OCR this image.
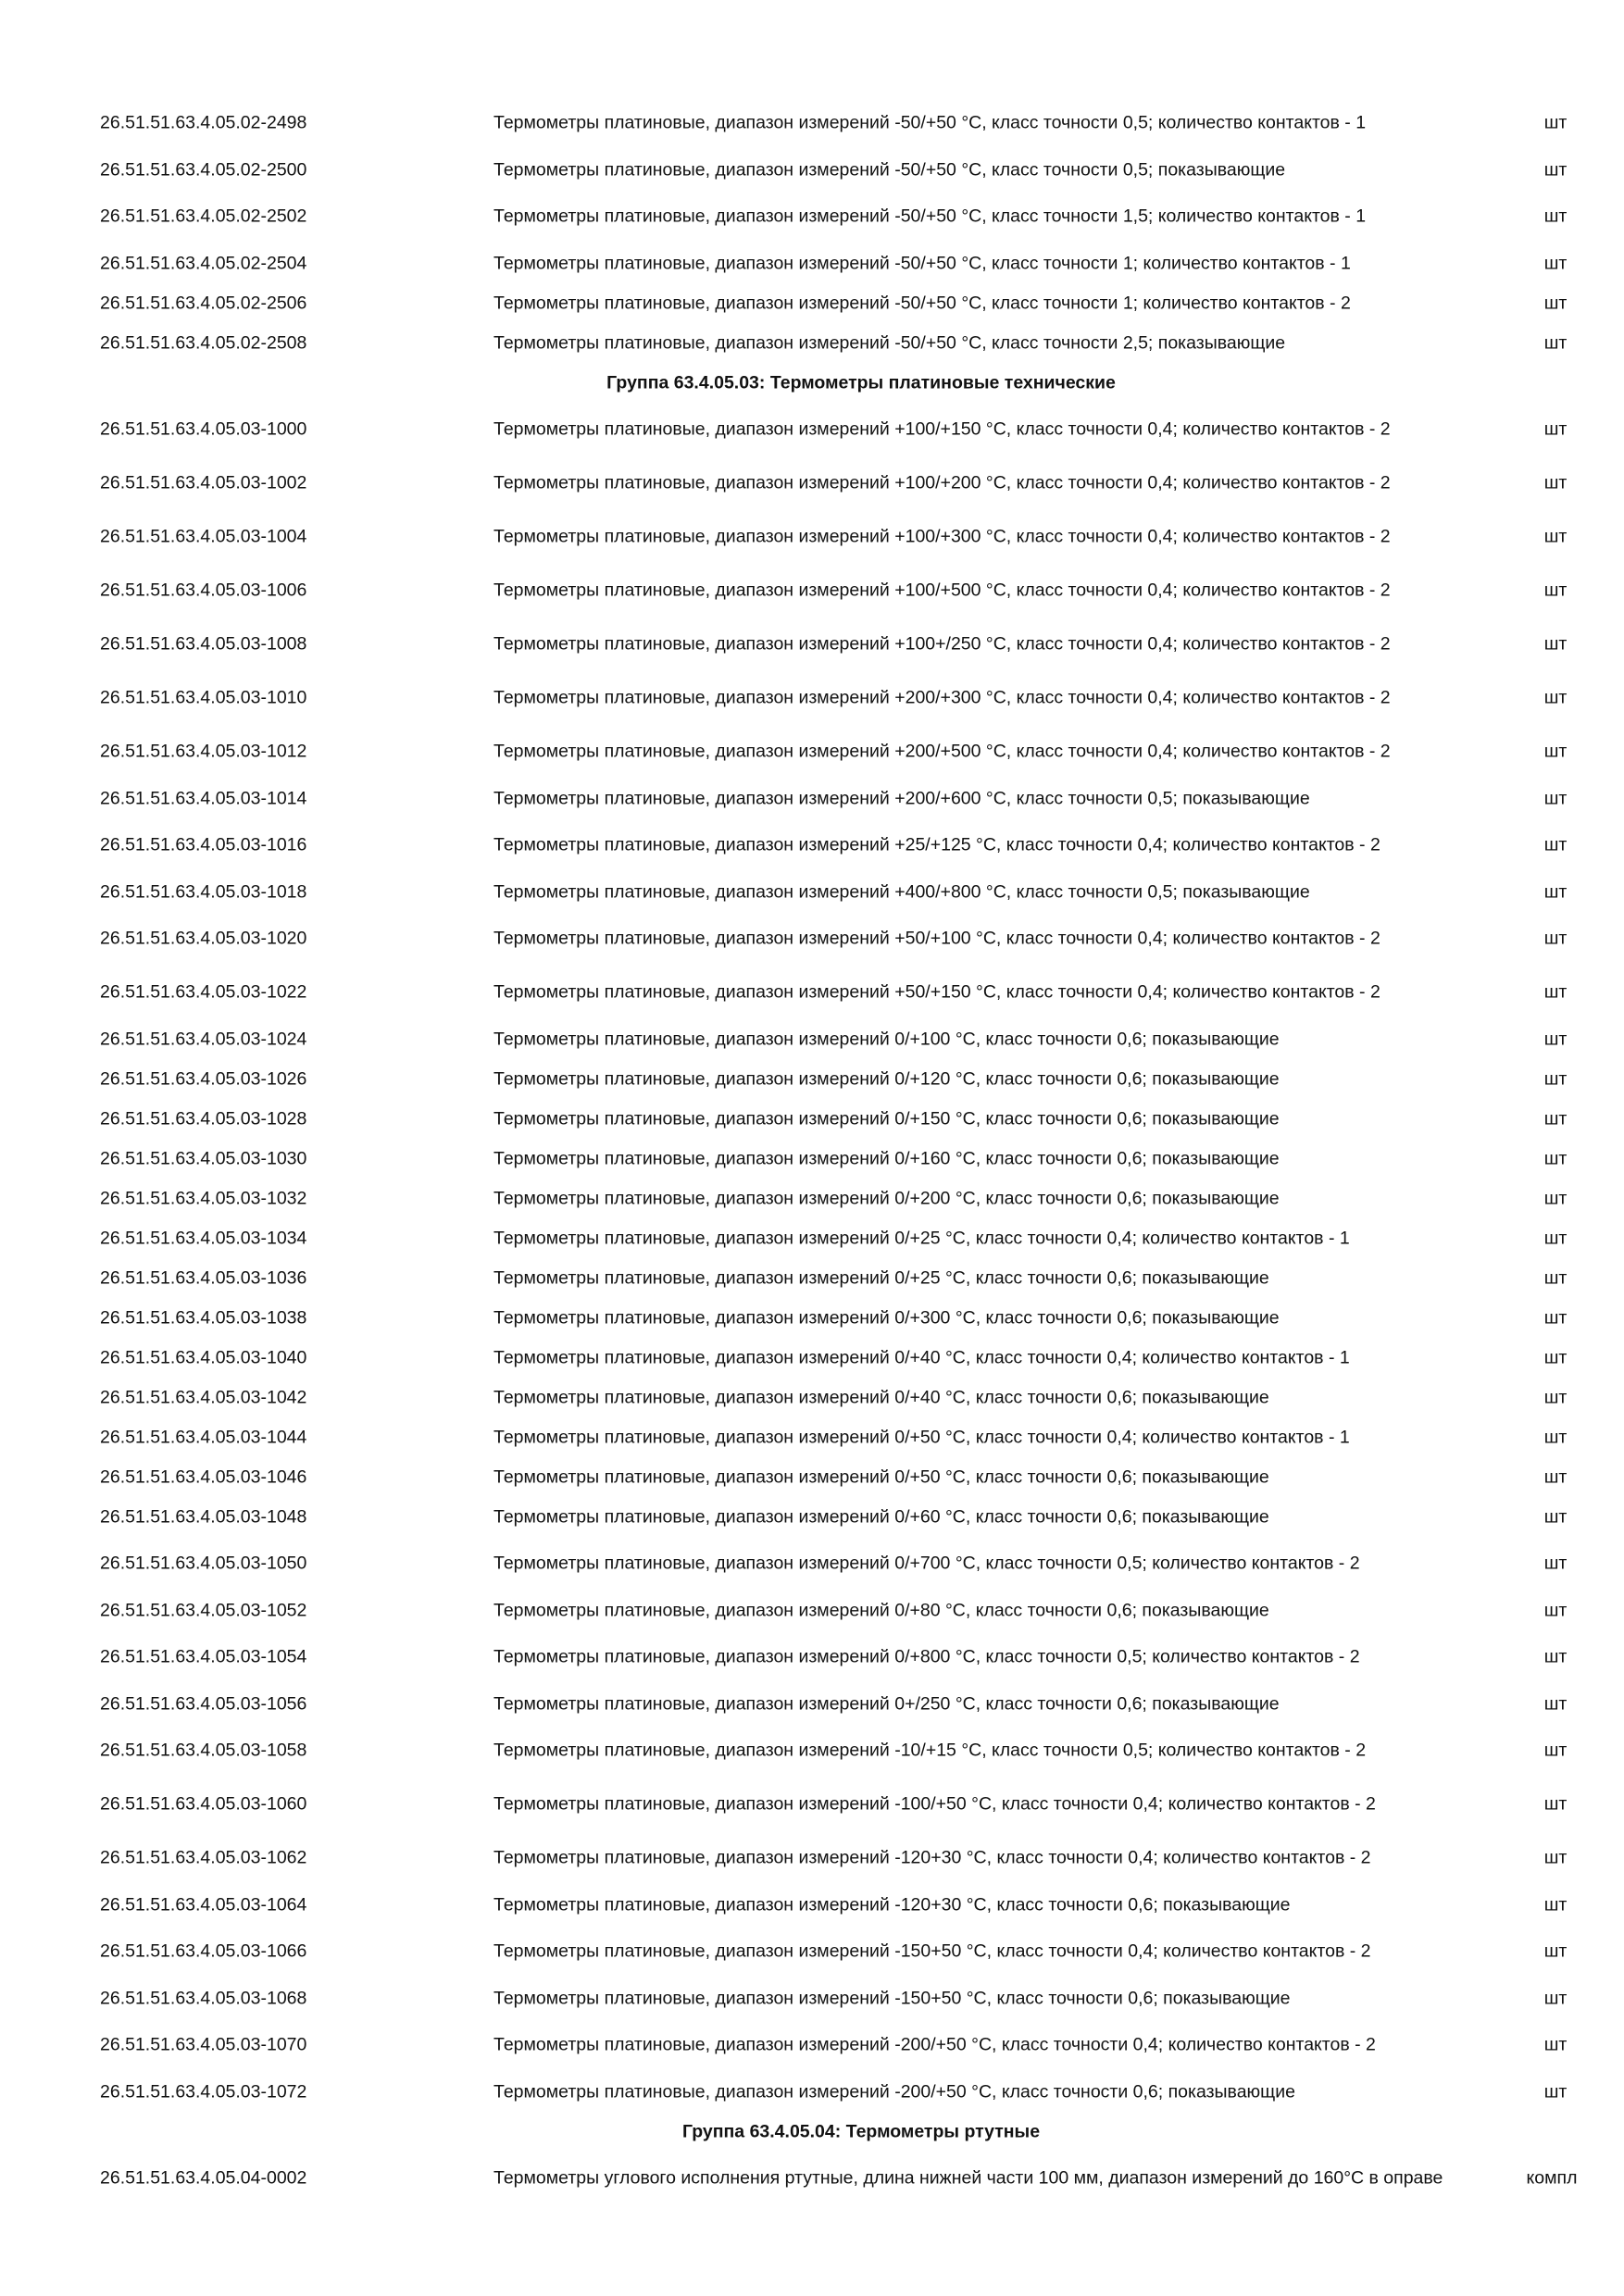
26.51.51.63.4.05.02-2498	Термометры платиновые, диапазон измерений -50/+50 °С, класс точности 0,5; количество контактов - 1	шт
26.51.51.63.4.05.02-2500	Термометры платиновые, диапазон измерений -50/+50 °С, класс точности 0,5; показывающие	шт
26.51.51.63.4.05.02-2502	Термометры платиновые, диапазон измерений -50/+50 °С, класс точности 1,5; количество контактов - 1	шт
26.51.51.63.4.05.02-2504	Термометры платиновые, диапазон измерений -50/+50 °С, класс точности 1; количество контактов - 1	шт
26.51.51.63.4.05.02-2506	Термометры платиновые, диапазон измерений -50/+50 °С, класс точности 1; количество контактов - 2	шт
26.51.51.63.4.05.02-2508	Термометры платиновые, диапазон измерений -50/+50 °С, класс точности 2,5; показывающие	шт
Группа 63.4.05.03: Термометры платиновые технические
26.51.51.63.4.05.03-1000	Термометры платиновые, диапазон измерений +100/+150 °С, класс точности 0,4; количество контактов - 2	шт
26.51.51.63.4.05.03-1002	Термометры платиновые, диапазон измерений +100/+200 °С, класс точности 0,4; количество контактов - 2	шт
26.51.51.63.4.05.03-1004	Термометры платиновые, диапазон измерений +100/+300 °С, класс точности 0,4; количество контактов - 2	шт
26.51.51.63.4.05.03-1006	Термометры платиновые, диапазон измерений +100/+500 °С, класс точности 0,4; количество контактов - 2	шт
26.51.51.63.4.05.03-1008	Термометры платиновые, диапазон измерений +100+/250 °С, класс точности 0,4; количество контактов - 2	шт
26.51.51.63.4.05.03-1010	Термометры платиновые, диапазон измерений +200/+300 °С, класс точности 0,4; количество контактов - 2	шт
26.51.51.63.4.05.03-1012	Термометры платиновые, диапазон измерений +200/+500 °С, класс точности 0,4; количество контактов - 2	шт
26.51.51.63.4.05.03-1014	Термометры платиновые, диапазон измерений +200/+600 °С, класс точности 0,5; показывающие	шт
26.51.51.63.4.05.03-1016	Термометры платиновые, диапазон измерений +25/+125 °С, класс точности 0,4; количество контактов - 2	шт
26.51.51.63.4.05.03-1018	Термометры платиновые, диапазон измерений +400/+800 °С, класс точности 0,5; показывающие	шт
26.51.51.63.4.05.03-1020	Термометры платиновые, диапазон измерений +50/+100 °С, класс точности 0,4; количество контактов - 2	шт
26.51.51.63.4.05.03-1022	Термометры платиновые, диапазон измерений +50/+150 °С, класс точности 0,4; количество контактов - 2	шт
26.51.51.63.4.05.03-1024	Термометры платиновые, диапазон измерений 0/+100 °С, класс точности 0,6; показывающие	шт
26.51.51.63.4.05.03-1026	Термометры платиновые, диапазон измерений 0/+120 °С, класс точности 0,6; показывающие	шт
26.51.51.63.4.05.03-1028	Термометры платиновые, диапазон измерений 0/+150 °С, класс точности 0,6; показывающие	шт
26.51.51.63.4.05.03-1030	Термометры платиновые, диапазон измерений 0/+160 °С, класс точности 0,6; показывающие	шт
26.51.51.63.4.05.03-1032	Термометры платиновые, диапазон измерений 0/+200 °С, класс точности 0,6; показывающие	шт
26.51.51.63.4.05.03-1034	Термометры платиновые, диапазон измерений 0/+25 °С, класс точности 0,4; количество контактов - 1	шт
26.51.51.63.4.05.03-1036	Термометры платиновые, диапазон измерений 0/+25 °С, класс точности 0,6; показывающие	шт
26.51.51.63.4.05.03-1038	Термометры платиновые, диапазон измерений 0/+300 °С, класс точности 0,6; показывающие	шт
26.51.51.63.4.05.03-1040	Термометры платиновые, диапазон измерений 0/+40 °С, класс точности 0,4; количество контактов - 1	шт
26.51.51.63.4.05.03-1042	Термометры платиновые, диапазон измерений 0/+40 °С, класс точности 0,6; показывающие	шт
26.51.51.63.4.05.03-1044	Термометры платиновые, диапазон измерений 0/+50 °С, класс точности 0,4; количество контактов - 1	шт
26.51.51.63.4.05.03-1046	Термометры платиновые, диапазон измерений 0/+50 °С, класс точности 0,6; показывающие	шт
26.51.51.63.4.05.03-1048	Термометры платиновые, диапазон измерений 0/+60 °С, класс точности 0,6; показывающие	шт
26.51.51.63.4.05.03-1050	Термометры платиновые, диапазон измерений 0/+700 °С, класс точности 0,5; количество контактов - 2	шт
26.51.51.63.4.05.03-1052	Термометры платиновые, диапазон измерений 0/+80 °С, класс точности 0,6; показывающие	шт
26.51.51.63.4.05.03-1054	Термометры платиновые, диапазон измерений 0/+800 °С, класс точности 0,5; количество контактов - 2	шт
26.51.51.63.4.05.03-1056	Термометры платиновые, диапазон измерений 0+/250 °С, класс точности 0,6; показывающие	шт
26.51.51.63.4.05.03-1058	Термометры платиновые, диапазон измерений -10/+15 °С, класс точности 0,5; количество контактов - 2	шт
26.51.51.63.4.05.03-1060	Термометры платиновые, диапазон измерений -100/+50 °С, класс точности 0,4; количество контактов - 2	шт
26.51.51.63.4.05.03-1062	Термометры платиновые, диапазон измерений -120+30 °С, класс точности 0,4; количество контактов - 2	шт
26.51.51.63.4.05.03-1064	Термометры платиновые, диапазон измерений -120+30 °С, класс точности 0,6; показывающие	шт
26.51.51.63.4.05.03-1066	Термометры платиновые, диапазон измерений -150+50 °С, класс точности 0,4; количество контактов - 2	шт
26.51.51.63.4.05.03-1068	Термометры платиновые, диапазон измерений -150+50 °С, класс точности 0,6; показывающие	шт
26.51.51.63.4.05.03-1070	Термометры платиновые, диапазон измерений -200/+50 °С, класс точности 0,4; количество контактов - 2	шт
26.51.51.63.4.05.03-1072	Термометры платиновые, диапазон измерений -200/+50 °С, класс точности 0,6; показывающие	шт
Группа 63.4.05.04: Термометры ртутные
26.51.51.63.4.05.04-0002	Термометры углового исполнения ртутные, длина нижней части 100 мм, диапазон измерений до 160°С в оправе	компл
